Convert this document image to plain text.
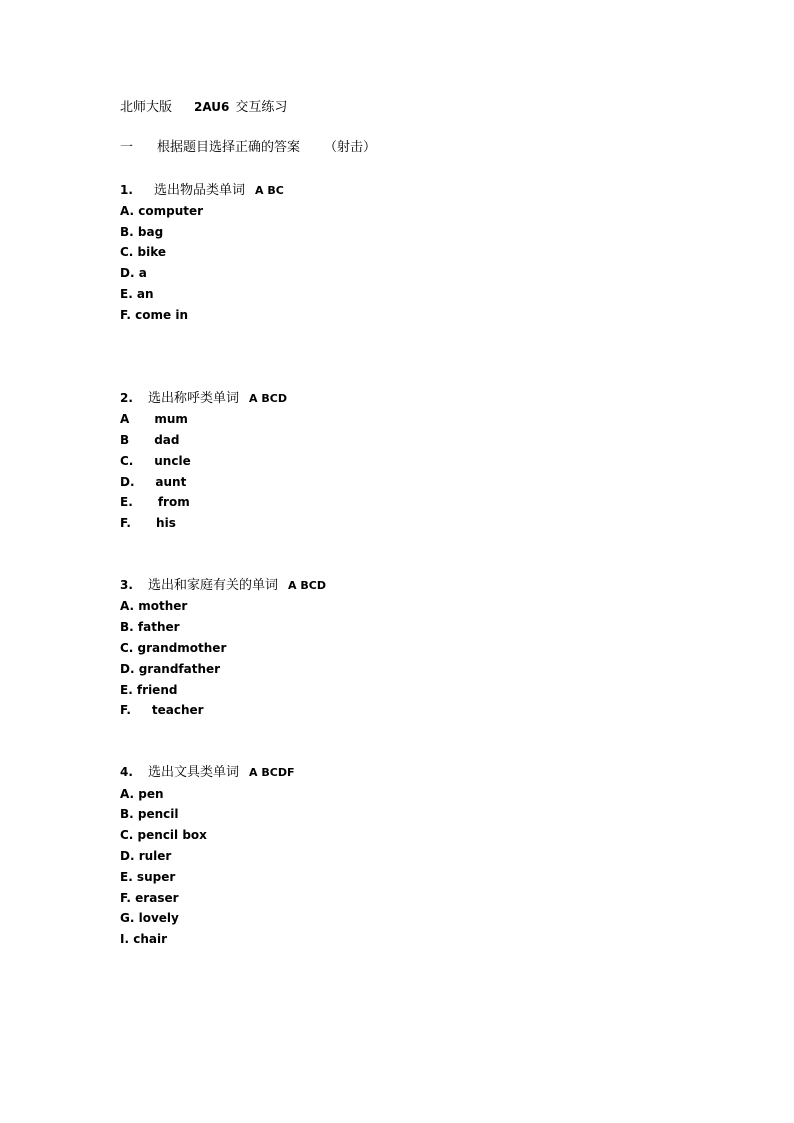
北师大版 2AU6 交互练习
一 根据题目选择正确的答案 （射击）
1. 选出物品类单词 A BC
A. computer
B. bag
C. bike
D. a
E. an
F. come in
2. 选出称呼类单词 A BCD
A      mum
B      dad
C.     uncle
D.     aunt
E.      from
F.      his
3. 选出和家庭有关的单词 A BCD
A. mother
B. father
C. grandmother
D. grandfather
E. friend
F.     teacher
4. 选出文具类单词 A BCDF
A. pen
B. pencil
C. pencil box
D. ruler
E. super
F. eraser
G. lovely
I. chair
